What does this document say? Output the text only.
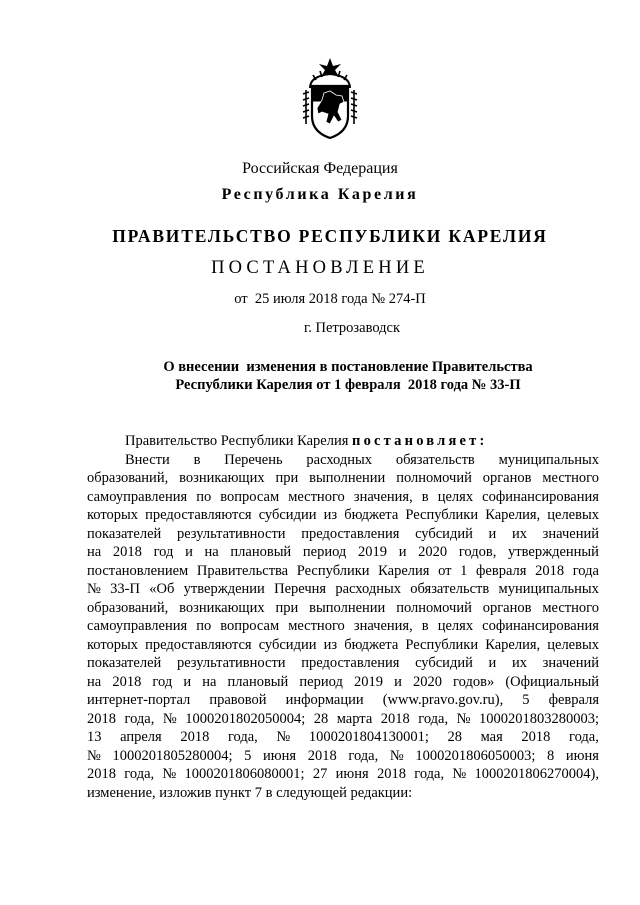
Российская Федерация
Республика Карелия
ПРАВИТЕЛЬСТВО РЕСПУБЛИКИ КАРЕЛИЯ
ПОСТАНОВЛЕНИЕ
от  25 июля 2018 года № 274-П
г. Петрозаводск
О внесении  изменения в постановление Правительства
Республики Карелия от 1 февраля  2018 года № 33-П
Правительство Республики Карелия постановляет:
Внести в Перечень расходных обязательств муниципальных
образований, возникающих при выполнении полномочий органов местного
самоуправления по вопросам местного значения, в целях софинансирования
которых предоставляются субсидии из бюджета Республики Карелия, целевых
показателей результативности предоставления субсидий и их значений
на 2018 год и на плановый период 2019 и 2020 годов, утвержденный
постановлением Правительства Республики Карелия от 1 февраля 2018 года
№ 33-П «Об утверждении Перечня расходных обязательств муниципальных
образований, возникающих при выполнении полномочий органов местного
самоуправления по вопросам местного значения, в целях софинансирования
которых предоставляются субсидии из бюджета Республики Карелия, целевых
показателей результативности предоставления субсидий и их значений
на 2018 год и на плановый период 2019 и 2020 годов» (Официальный
интернет-портал правовой информации (www.pravo.gov.ru), 5 февраля
2018 года, № 1000201802050004; 28 марта 2018 года, № 1000201803280003;
13 апреля 2018 года, № 1000201804130001; 28 мая 2018 года,
№ 1000201805280004; 5 июня 2018 года, № 1000201806050003; 8 июня
2018 года, № 1000201806080001; 27 июня 2018 года, № 1000201806270004),
изменение, изложив пункт 7 в следующей редакции:
